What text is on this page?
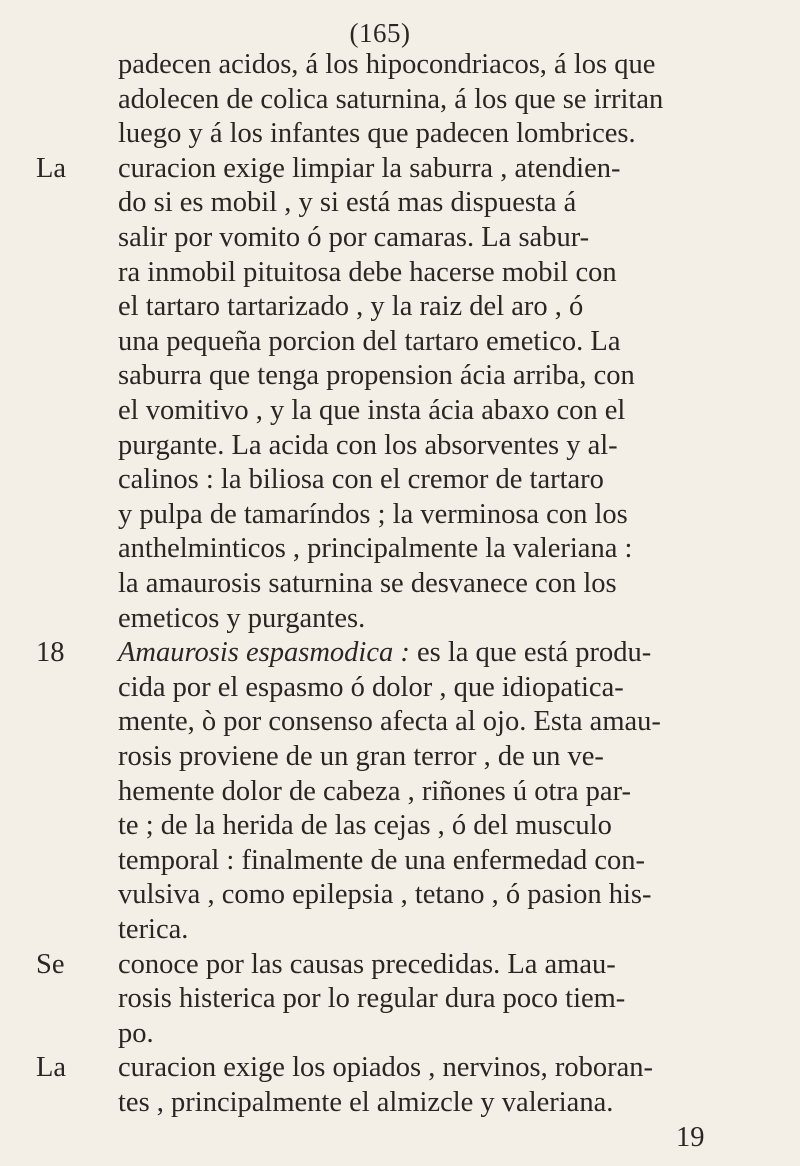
(165)
padecen acidos, á los hipocondriacos, á los que
adolecen de colica saturnina, á los que se irritan
luego y á los infantes que padecen lombrices.
La curacion exige limpiar la saburra , atendien-
do si es mobil , y si está mas dispuesta á
salir por vomito ó por camaras. La sabur-
ra inmobil pituitosa debe hacerse mobil con
el tartaro tartarizado , y la raiz del aro , ó
una pequeña porcion del tartaro emetico. La
saburra que tenga propension ácia arriba, con
el vomitivo , y la que insta ácia abaxo con el
purgante. La acida con los absorventes y al-
calinos : la biliosa con el cremor de tartaro
y pulpa de tamaríndos ; la verminosa con los
anthelminticos , principalmente la valeriana :
la amaurosis saturnina se desvanece con los
emeticos y purgantes.
18 Amaurosis espasmodica : es la que está produ-
cida por el espasmo ó dolor , que idiopatica-
mente, ò por consenso afecta al ojo. Esta amau-
rosis proviene de un gran terror , de un ve-
hemente dolor de cabeza , riñones ú otra par-
te ; de la herida de las cejas , ó del musculo
temporal : finalmente de una enfermedad con-
vulsiva , como epilepsia , tetano , ó pasion his-
terica.
Se conoce por las causas precedidas. La amau-
rosis histerica por lo regular dura poco tiem-
po.
La curacion exige los opiados , nervinos, roboran-
tes , principalmente el almizcle y valeriana.
19
